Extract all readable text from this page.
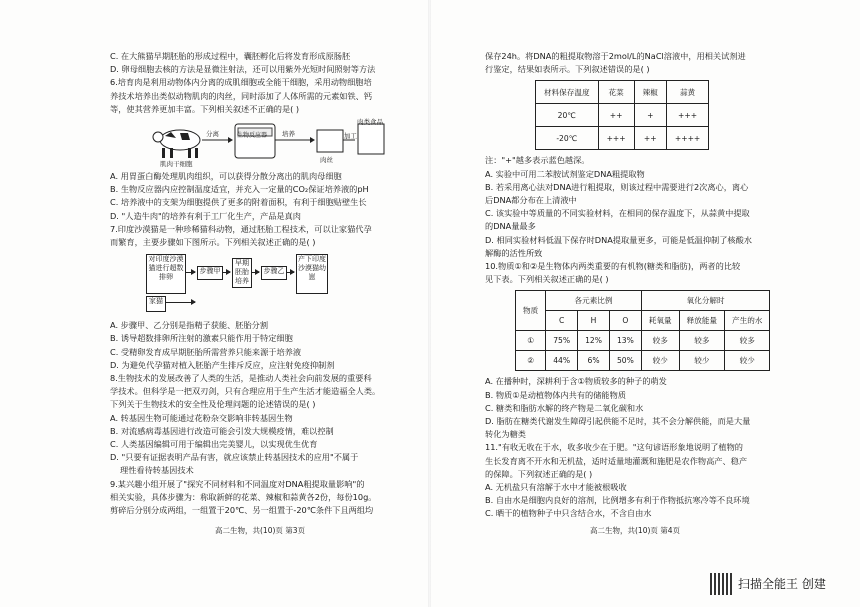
C. 在大熊猫早期胚胎的形成过程中，囊胚孵化后将发育形成原肠胚
D. 卵母细胞去核的方法是显微注射法，还可以用紫外光短时间照射等方法
6.培育肉是利用动物体内分离的成肌细胞或全能干细胞，采用动物细胞培
养技术培养出类似动物肌肉的肉丝，同时添加了人体所需的元素如铁、钙
等，使其营养更加丰富。下列相关叙述不正确的是( )
分离	生物反应器
肉类食品
培养	加工
肌肉干细胞	肉丝
A. 用胃蛋白酶处理肌肉组织，可以获得分散分离出的肌肉母细胞
B. 生物反应器内应控制温度适宜，并充入一定量的CO₂保证培养液的pH
C. 培养液中的支架为细胞提供了更多的附着面积，有利于细胞贴壁生长
D. "人造牛肉"的培养有利于工厂化生产，产品是真肉
7.印度沙漠猫是一种珍稀猫科动物，通过胚胎工程技术，可以让家猫代孕
而繁育，主要步骤如下图所示。下列相关叙述正确的是( )
对印度沙漠猫进行超数排卵
步骤甲
早期胚胎培养
步骤乙
产下印度沙漠猫幼崽
家猫
A. 步骤甲、乙分别是指精子获能、胚胎分割
B. 诱导超数排卵所注射的激素只能作用于特定细胞
C. 受精卵发育成早期胚胎所需营养只能来源于培养液
D. 为避免代孕猫对植入胚胎产生排斥反应，应注射免疫抑制剂
8.生物技术的发展改善了人类的生活，是推动人类社会向前发展的重要科
学技术。但科学是一把双刃剑，只有合理应用于生产生活才能造福全人类。
下列关于生物技术的安全性及伦理问题的论述错误的是( )
A. 转基因生物可能通过花粉杂交影响非转基因生物
B. 对流感病毒基因进行改造可能会引发大规模疫情，难以控制
C. 人类基因编辑可用于编辑出完美婴儿，以实现优生优育
D. "只要有证据表明产品有害，就应该禁止转基因技术的应用"不属于
理性看待转基因技术
9.某兴趣小组开展了"探究不同材料和不同温度对DNA粗提取量影响"的
相关实验，具体步骤为：称取新鲜的花菜、辣椒和蒜黄各2份，每份10g。
剪碎后分别分成两组，一组置于20℃、另一组置于-20℃条件下且两组均
高二生物，共(10)页 第3页
保存24h。将DNA的粗提取物溶于2mol/L的NaCl溶液中，用相关试剂进
行鉴定，结果如表所示。下列叙述错误的是( )
材料保存温度	花菜	辣椒	蒜黄
20℃	++	+	+++
-20℃	+++	++	++++
注："+"越多表示蓝色越深。
A. 实验中可用二苯胺试剂鉴定DNA粗提取物
B. 若采用离心法对DNA进行粗提取，则该过程中需要进行2次离心，离心
后DNA都分布在上清液中
C. 该实验中等质量的不同实验材料，在相同的保存温度下，从蒜黄中提取
的DNA量最多
D. 相同实验材料低温下保存时DNA提取量更多，可能是低温抑制了核酸水
解酶的活性所致
10.物质①和②是生物体内两类重要的有机物(糖类和脂肪)，两者的比较
见下表。下列相关叙述正确的是( )
物质	各元素比例			氧化分解时		
	C	H	O	耗氧量	释放能量	产生的水
①	75%	12%	13%	较多	较多	较多
②	44%	6%	50%	较少	较少	较少
A. 在播种时，深耕利于含①物质较多的种子的萌发
B. 物质①是动植物体内共有的储能物质
C. 糖类和脂肪水解的终产物是二氧化碳和水
D. 脂肪在糖类代谢发生障碍引起供能不足时，其不会分解供能，而是大量
转化为糖类
11."有收无收在于水，收多收少在于肥。"这句谚语形象地说明了植物的
生长发育离不开水和无机盐，适时适量地灌溉和施肥是农作物高产、稳产
的保障。下列叙述正确的是( )
A. 无机盐只有溶解于水中才能被根吸收
B. 自由水是细胞内良好的溶剂，比例增多有利于作物抵抗寒冷等不良环境
C. 晒干的植物种子中只含结合水，不含自由水
高二生物，共(10)页 第4页
扫描全能王 创建
